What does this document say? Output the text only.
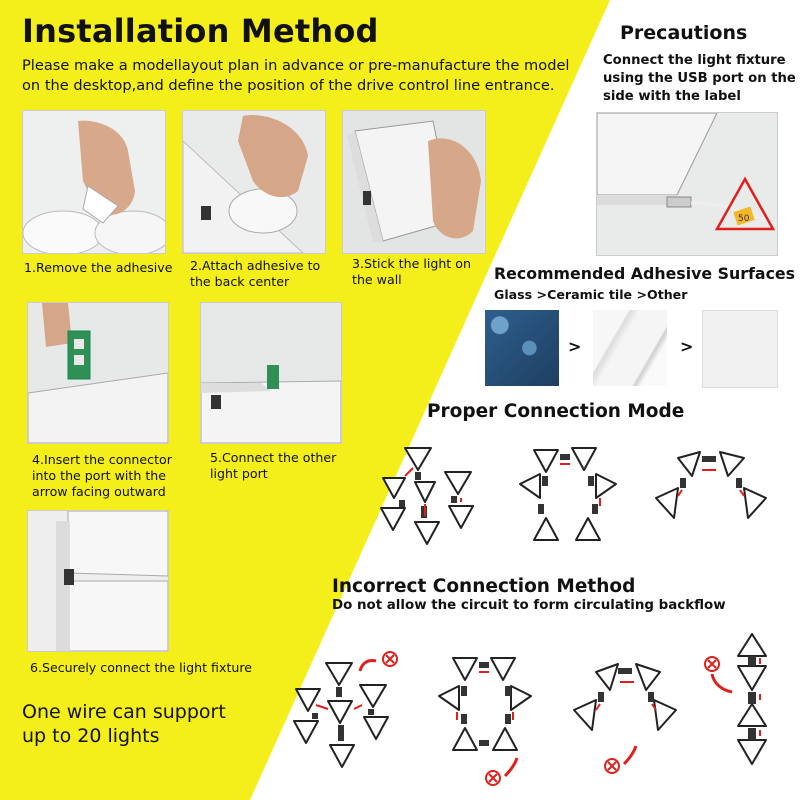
Installation Method
Please make a modellayout plan in advance or pre-manufacture the model on the desktop,and define the position of the drive control line entrance.
1.Remove the adhesive 2.Attach adhesive to the back center
3.Stick the light on the wall
4.Insert the connector into the port with the arrow facing outward
5.Connect the other light port
6.Securely connect the light fixture
One wire can support
up to 20 lights
Precautions
Connect the light fixture using the USB port on the side with the label
50
Recommended Adhesive Surfaces
Glass >Ceramic tile >Other
>	>
Proper Connection Mode
Incorrect Connection Method
Do not allow the circuit to form circulating backflow
